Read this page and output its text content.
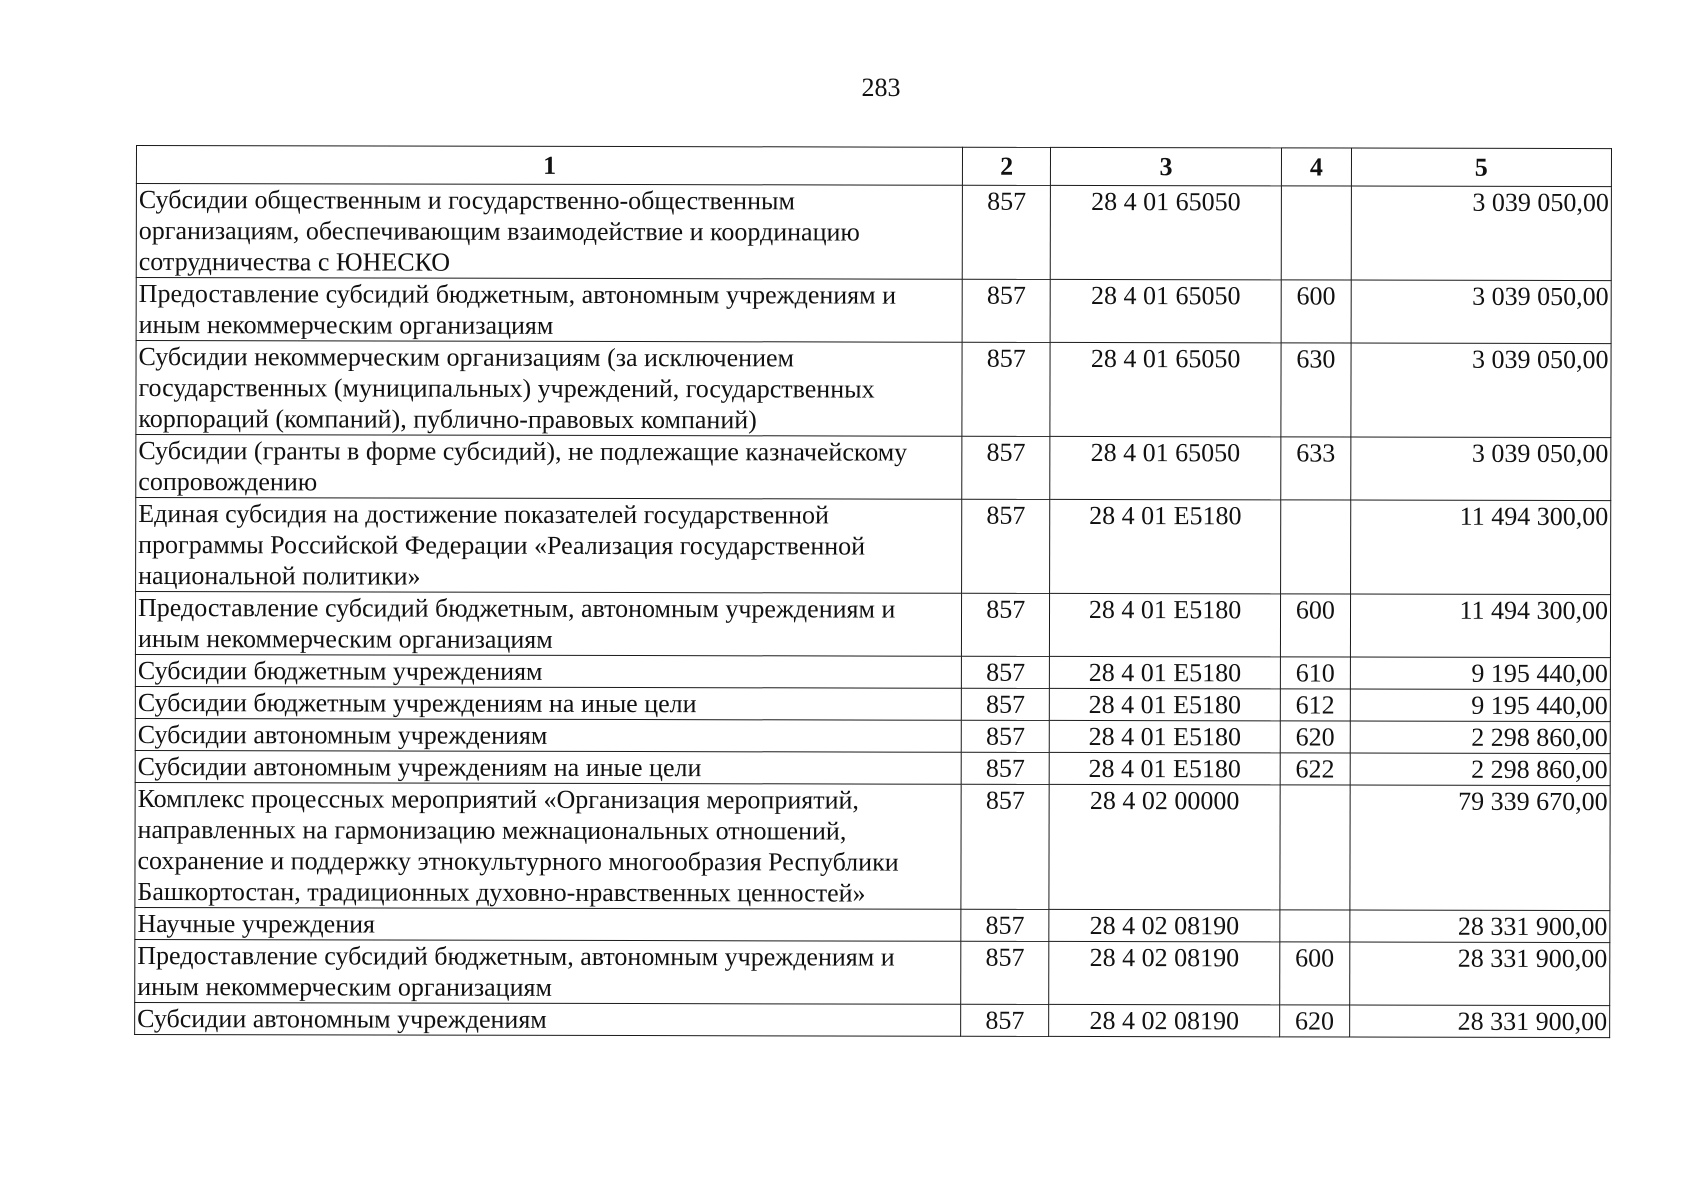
283
1	2	3	4	5
Субсидии общественным и государственно-общественным организациям, обеспечивающим взаимодействие и координацию сотрудничества с ЮНЕСКО	857	28 4 01 65050		3 039 050,00
Предоставление субсидий бюджетным, автономным учреждениям и иным некоммерческим организациям	857	28 4 01 65050	600	3 039 050,00
Субсидии некоммерческим организациям (за исключением государственных (муниципальных) учреждений, государственных корпораций (компаний), публично-правовых компаний)	857	28 4 01 65050	630	3 039 050,00
Субсидии (гранты в форме субсидий), не подлежащие казначейскому сопровождению	857	28 4 01 65050	633	3 039 050,00
Единая субсидия на достижение показателей государственной программы Российской Федерации «Реализация государственной национальной политики»	857	28 4 01 E5180		11 494 300,00
Предоставление субсидий бюджетным, автономным учреждениям и иным некоммерческим организациям	857	28 4 01 E5180	600	11 494 300,00
Субсидии бюджетным учреждениям	857	28 4 01 E5180	610	9 195 440,00
Субсидии бюджетным учреждениям на иные цели	857	28 4 01 E5180	612	9 195 440,00
Субсидии автономным учреждениям	857	28 4 01 E5180	620	2 298 860,00
Субсидии автономным учреждениям на иные цели	857	28 4 01 E5180	622	2 298 860,00
Комплекс процессных мероприятий «Организация мероприятий, направленных на гармонизацию межнациональных отношений, сохранение и поддержку этнокультурного многообразия Республики Башкортостан, традиционных духовно-нравственных ценностей»	857	28 4 02 00000		79 339 670,00
Научные учреждения	857	28 4 02 08190		28 331 900,00
Предоставление субсидий бюджетным, автономным учреждениям и иным некоммерческим организациям	857	28 4 02 08190	600	28 331 900,00
Субсидии автономным учреждениям	857	28 4 02 08190	620	28 331 900,00
